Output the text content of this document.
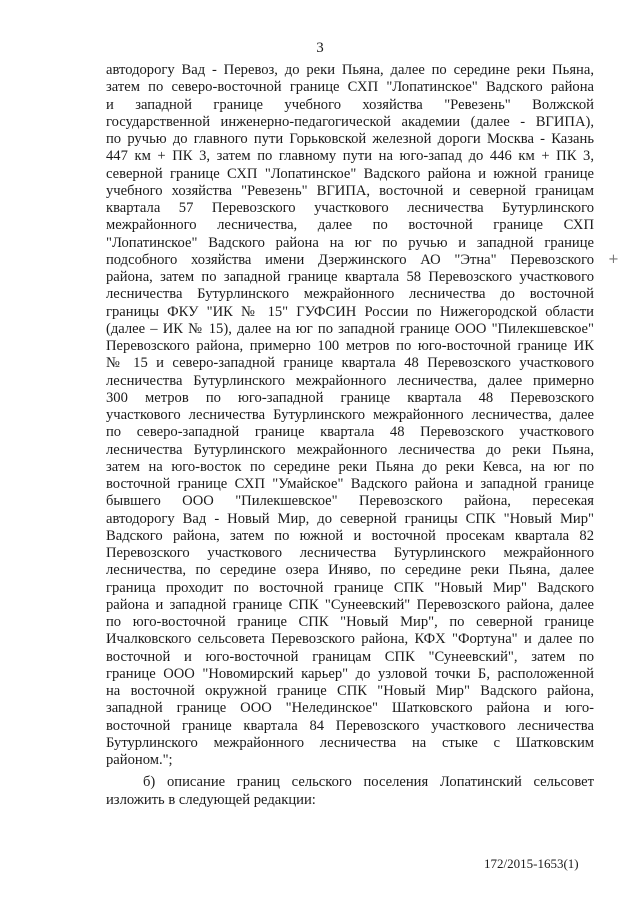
3
+
автодорогу Вад - Перевоз, до реки Пьяна, далее по середине реки Пьяна,
затем по северо-восточной границе СХП "Лопатинское" Вадского района
и западной границе учебного хозяйства "Ревезень" Волжской
государственной инженерно-педагогической академии (далее - ВГИПА),
по ручью до главного пути Горьковской железной дороги Москва - Казань
447 км + ПК 3, затем по главному пути на юго-запад до 446 км + ПК 3,
северной границе СХП "Лопатинское" Вадского района и южной границе
учебного хозяйства "Ревезень" ВГИПА, восточной и северной границам
квартала 57 Перевозского участкового лесничества Бутурлинского
межрайонного лесничества, далее по восточной границе СХП
"Лопатинское" Вадского района на юг по ручью и западной границе
подсобного хозяйства имени Дзержинского АО "Этна" Перевозского
района, затем по западной границе квартала 58 Перевозского участкового
лесничества Бутурлинского межрайонного лесничества до восточной
границы ФКУ "ИК № 15" ГУФСИН России по Нижегородской области
(далее – ИК № 15), далее на юг по западной границе ООО "Пилекшевское"
Перевозского района, примерно 100 метров по юго-восточной границе ИК
№ 15 и северо-западной границе квартала 48 Перевозского участкового
лесничества Бутурлинского межрайонного лесничества, далее примерно
300 метров по юго-западной границе квартала 48 Перевозского
участкового лесничества Бутурлинского межрайонного лесничества, далее
по северо-западной границе квартала 48 Перевозского участкового
лесничества Бутурлинского межрайонного лесничества до реки Пьяна,
затем на юго-восток по середине реки Пьяна до реки Кевса, на юг по
восточной границе СХП "Умайское" Вадского района и западной границе
бывшего ООО "Пилекшевское" Перевозского района, пересекая
автодорогу Вад - Новый Мир, до северной границы СПК "Новый Мир"
Вадского района, затем по южной и восточной просекам квартала 82
Перевозского участкового лесничества Бутурлинского межрайонного
лесничества, по середине озера Инявo, по середине реки Пьяна, далее
граница проходит по восточной границе СПК "Новый Мир" Вадского
района и западной границе СПК "Сунеевский" Перевозского района, далее
по юго-восточной границе СПК "Новый Мир", по северной границе
Ичалковского сельсовета Перевозского района, КФХ "Фортуна" и далее по
восточной и юго-восточной границам СПК "Сунеевский", затем по
границе ООО "Новомирский карьер" до узловой точки Б, расположенной
на восточной окружной границе СПК "Новый Мир" Вадского района,
западной границе ООО "Нелединское" Шатковского района и юго-
восточной границе квартала 84 Перевозского участкового лесничества
Бутурлинского межрайонного лесничества на стыке с Шатковским
районом.";
б) описание границ сельского поселения Лопатинский сельсовет
изложить в следующей редакции:
172/2015-1653(1)
